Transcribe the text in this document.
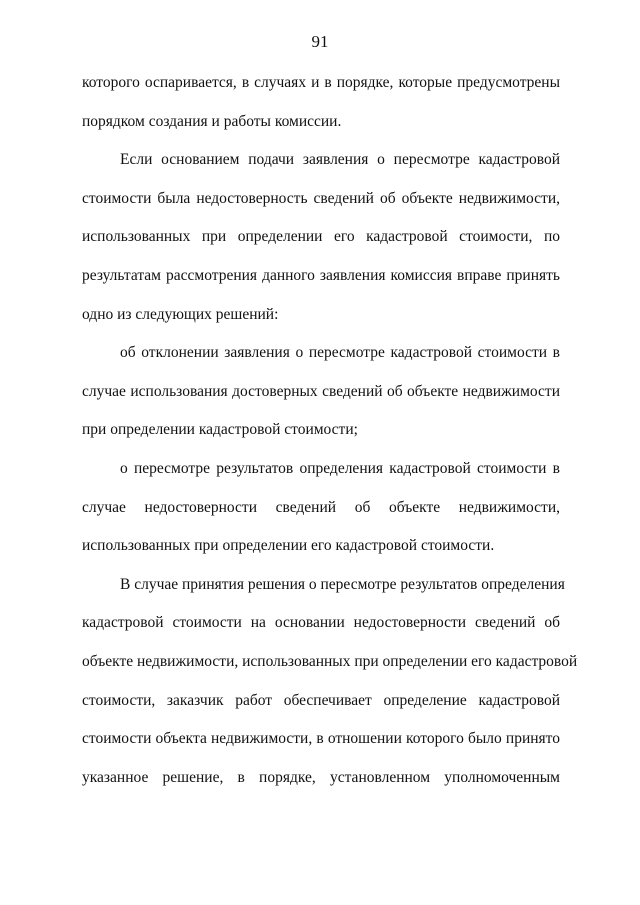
91

которого оспаривается, в случаях и в порядке, которые предусмотрены
порядком создания и работы комиссии.

Если основанием подачи заявления о пересмотре кадастровой
стоимости была недостоверность сведений об объекте недвижимости,
использованных при определении его кадастровой стоимости, по
результатам рассмотрения данного заявления комиссия вправе принять
одно из следующих решений:

об отклонении заявления о пересмотре кадастровой стоимости в
случае использования достоверных сведений об объекте недвижимости
при определении кадастровой стоимости;

о пересмотре результатов определения кадастровой стоимости в
случае недостоверности сведений об объекте недвижимости,
использованных при определении его кадастровой стоимости.

В случае принятия решения о пересмотре результатов определения
кадастровой стоимости на основании недостоверности сведений об
объекте недвижимости, использованных при определении его кадастровой
стоимости, заказчик работ обеспечивает определение кадастровой
стоимости объекта недвижимости, в отношении которого было принято
указанное решение, в порядке, установленном уполномоченным
